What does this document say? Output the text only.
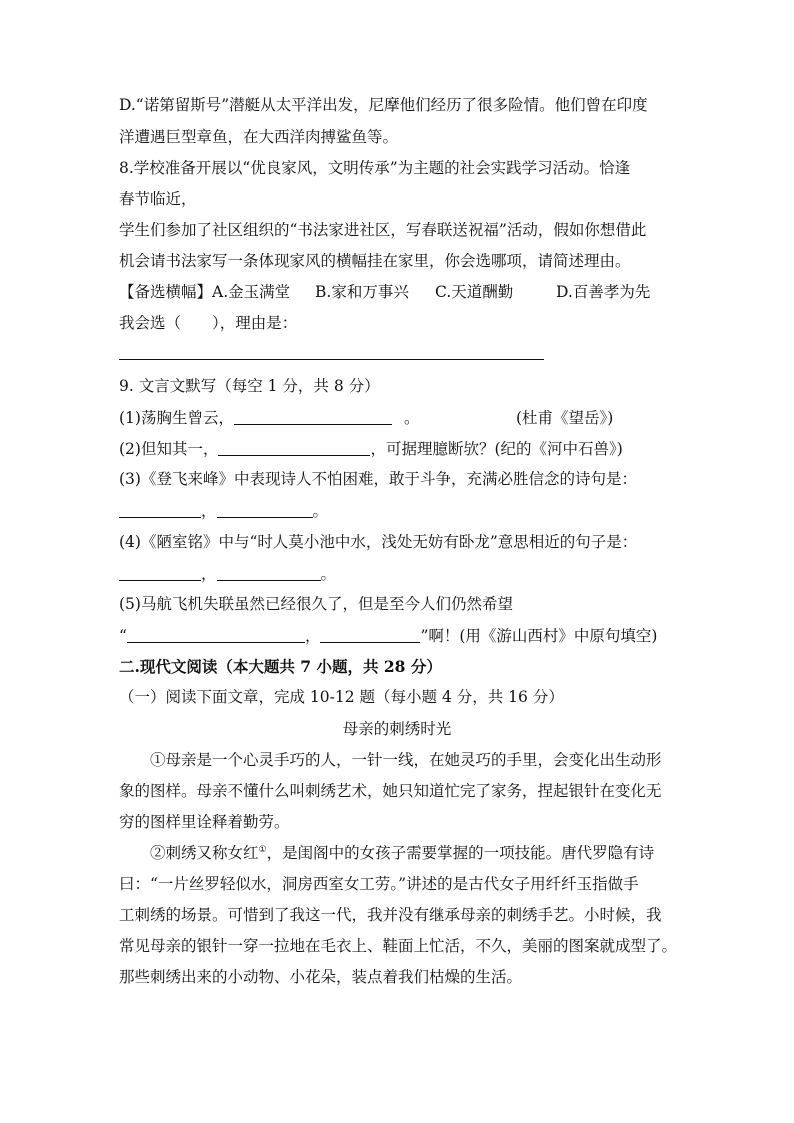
D.“诺第留斯号”潜艇从太平洋出发，尼摩他们经历了很多险情。他们曾在印度
洋遭遇巨型章鱼，在大西洋肉搏鲨鱼等。
8.学校准备开展以“优良家风，文明传承”为主题的社会实践学习活动。恰逢
春节临近，
学生们参加了社区组织的“书法家进社区，写春联送祝福”活动，假如你想借此
机会请书法家写一条体现家风的横幅挂在家里，你会选哪项，请简述理由。
【备选横幅】A.金玉满堂 B.家和万事兴 C.天道酬勤	D.百善孝为先
我会选（　　），理由是：
9. 文言文默写（每空 1 分，共 8 分）
(1)荡胸生曾云，	。	(杜甫《望岳》)
(2)但知其一，	，可据理臆断欤？(纪的《河中石兽》)
(3)《登飞来峰》中表现诗人不怕困难，敢于斗争，充满必胜信念的诗句是：
，	。
(4)《陋室铭》中与“时人莫小池中水，浅处无妨有卧龙”意思相近的句子是：
，	。
(5)马航飞机失联虽然已经很久了，但是至今人们仍然希望
“	，	”啊！(用《游山西村》中原句填空)
二.现代文阅读（本大题共 7 小题，共 28 分）
（一）阅读下面文章，完成 10-12 题（每小题 4 分，共 16 分）
母亲的刺绣时光
①母亲是一个心灵手巧的人，一针一线，在她灵巧的手里，会变化出生动形
象的图样。母亲不懂什么叫刺绣艺术，她只知道忙完了家务，捏起银针在变化无
穷的图样里诠释着勤劳。
②刺绣又称女红①，是闺阁中的女孩子需要掌握的一项技能。唐代罗隐有诗
曰：“一片丝罗轻似水，洞房西室女工劳。”讲述的是古代女子用纤纤玉指做手
工刺绣的场景。可惜到了我这一代，我并没有继承母亲的刺绣手艺。小时候，我
常见母亲的银针一穿一拉地在毛衣上、鞋面上忙活，不久，美丽的图案就成型了。
那些刺绣出来的小动物、小花朵，装点着我们枯燥的生活。
